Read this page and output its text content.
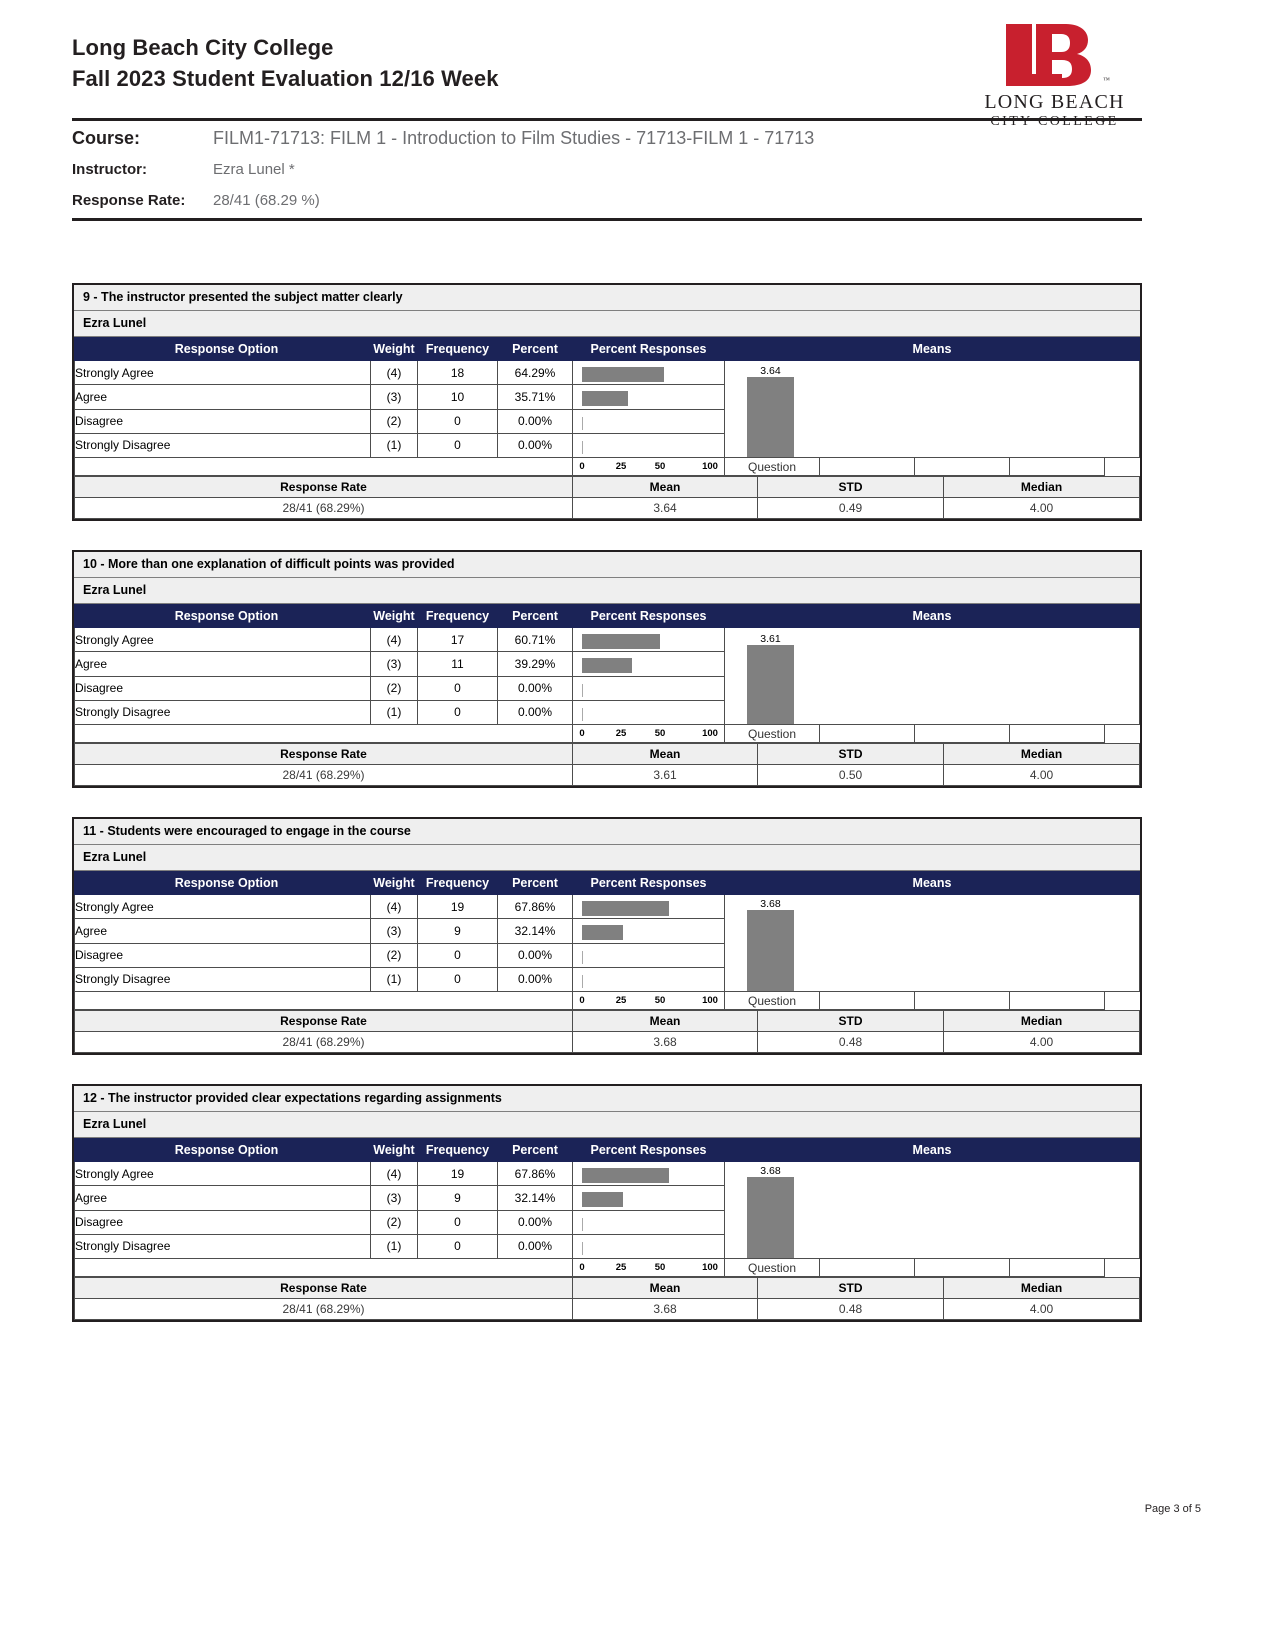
Long Beach City College
Fall 2023 Student Evaluation 12/16 Week	™
LONG BEACH
CITY COLLEGE
Course:	FILM1-71713: FILM 1 - Introduction to Film Studies - 71713-FILM 1 - 71713
Instructor:	Ezra Lunel *
Response Rate:	28/41 (68.29 %)
9 - The instructor presented the subject matter clearly
Ezra Lunel
Response Option	Weight	Frequency	Percent	Percent Responses	Means			
Strongly Agree	(4)	18	64.29%		3.64			

Agree	(3)	10	35.71%					

Disagree	(2)	0	0.00%					

Strongly Disagree	(1)	0	0.00%					

				0 25 50 100	Question			
Response Rate	Mean	STD	Median
28/41 (68.29%)	3.64	0.49	4.00
10 - More than one explanation of difficult points was provided
Ezra Lunel
Response Option	Weight	Frequency	Percent	Percent Responses	Means			
Strongly Agree	(4)	17	60.71%		3.61			

Agree	(3)	11	39.29%					

Disagree	(2)	0	0.00%					

Strongly Disagree	(1)	0	0.00%					

				0 25 50 100	Question			
Response Rate	Mean	STD	Median
28/41 (68.29%)	3.61	0.50	4.00
11 - Students were encouraged to engage in the course
Ezra Lunel
Response Option	Weight	Frequency	Percent	Percent Responses	Means			
Strongly Agree	(4)	19	67.86%		3.68			

Agree	(3)	9	32.14%					

Disagree	(2)	0	0.00%					

Strongly Disagree	(1)	0	0.00%					

				0 25 50 100	Question			
Response Rate	Mean	STD	Median
28/41 (68.29%)	3.68	0.48	4.00
12 - The instructor provided clear expectations regarding assignments
Ezra Lunel
Response Option	Weight	Frequency	Percent	Percent Responses	Means			
Strongly Agree	(4)	19	67.86%		3.68			

Agree	(3)	9	32.14%					

Disagree	(2)	0	0.00%					

Strongly Disagree	(1)	0	0.00%					

				0 25 50 100	Question			
Response Rate	Mean	STD	Median
28/41 (68.29%)	3.68	0.48	4.00
Page 3 of 5
